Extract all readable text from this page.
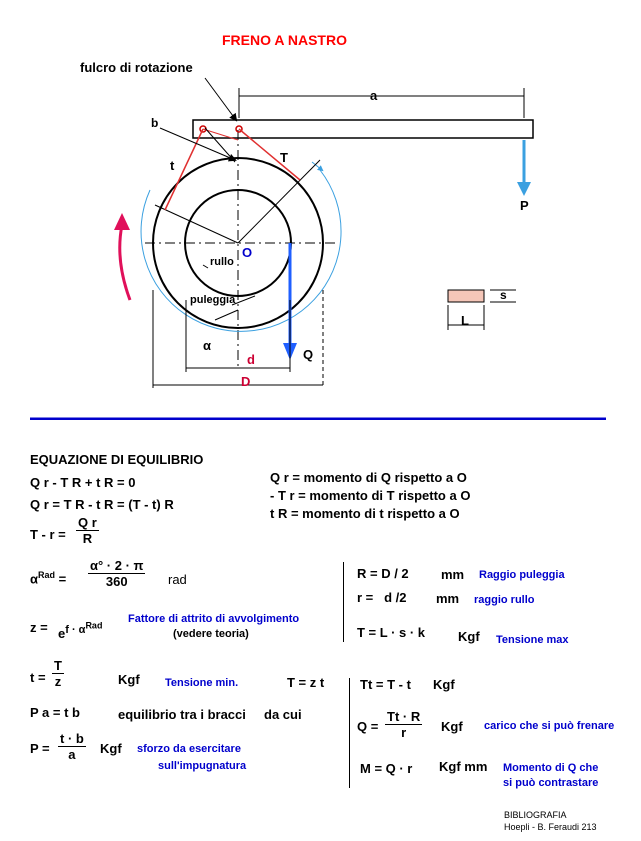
FRENO A NASTRO
fulcro di rotazione
a
b
t
T
P
O
rullo
puleggia
α
d
D
Q
s
L
EQUAZIONE DI EQUILIBRIO
Q r - T R + t R = 0
Q r = T R - t R = (T - t) R
$T - r = \frac{\text{Q r}}{R}$
Q r = momento di Q rispetto a O
- T r = momento di T rispetto a O
t R = momento di t rispetto a O
$\alpha^{Rad} = \frac{\alpha^\circ \cdot 2 \cdot \pi}{360}$ rad
$z = e^{f \cdot \alpha^{Rad}}$ Fattore di attrito di avvolgimento
(vedere teoria)
$t = \frac{T}{z}$	Kgf Tensione min.	T = z t
P a = t b	equilibrio tra i bracci da cui
$P = \frac{t \cdot b}{a}$ Kgf sforzo da esercitare
sull'impugnatura
R = D / 2 mm Raggio puleggia
r =   d /2 mm raggio rullo
T = L · s · k	Kgf Tensione max
Tt = T - t Kgf
$Q = \frac{Tt \cdot R}{r}$ Kgf carico che si può frenare
M = Q · r Kgf mm Momento di Q che
si può contrastare
BIBLIOGRAFIA
Hoepli - B. Feraudi 213
